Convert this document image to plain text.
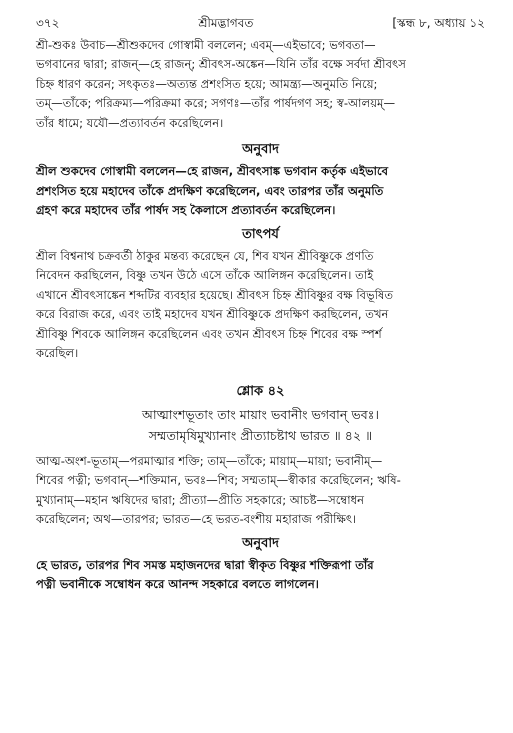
৩৭২	শ্রীমদ্ভাগবত	[স্কন্ধ ৮, অধ্যায় ১২

শ্রী-শুকঃ উবাচ—শ্রীশুকদেব গোস্বামী বললেন; এবম্—এইভাবে; ভগবতা—

ভগবানের দ্বারা; রাজন্—হে রাজন্; শ্রীবৎস-অঙ্কেন—যিনি তাঁর বক্ষে সর্বদা শ্রীবৎস

চিহ্ন ধারণ করেন; সৎকৃতঃ—অত্যন্ত প্রশংসিত হয়ে; আমন্ত্র্য—অনুমতি নিয়ে;

তম্—তাঁকে; পরিক্রম্য—পরিক্রমা করে; সগণঃ—তাঁর পার্ষদগণ সহ; স্ব-আলয়ম্—

তাঁর ধামে; যযৌ—প্রত্যাবর্তন করেছিলেন।

অনুবাদ

শ্রীল শুকদেব গোস্বামী বললেন—হে রাজন, শ্রীবৎসাঙ্ক ভগবান কর্তৃক এইভাবে

প্রশংসিত হয়ে মহাদেব তাঁকে প্রদক্ষিণ করেছিলেন, এবং তারপর তাঁর অনুমতি

গ্রহণ করে মহাদেব তাঁর পার্ষদ সহ কৈলাসে প্রত্যাবর্তন করেছিলেন।

তাৎপর্য

শ্রীল বিশ্বনাথ চক্রবর্তী ঠাকুর মন্তব্য করেছেন যে, শিব যখন শ্রীবিষ্ণুকে প্রণতি

নিবেদন করছিলেন, বিষ্ণু তখন উঠে এসে তাঁকে আলিঙ্গন করেছিলেন। তাই

এখানে শ্রীবৎসাঙ্কেন শব্দটির ব্যবহার হয়েছে। শ্রীবৎস চিহ্ন শ্রীবিষ্ণুর বক্ষ বিভূষিত

করে বিরাজ করে, এবং তাই মহাদেব যখন শ্রীবিষ্ণুকে প্রদক্ষিণ করছিলেন, তখন

শ্রীবিষ্ণু শিবকে আলিঙ্গন করেছিলেন এবং তখন শ্রীবৎস চিহ্ন শিবের বক্ষ স্পর্শ

করেছিল।

শ্লোক ৪২

আত্মাংশভূতাং তাং মায়াং ভবানীং ভগবান্ ভবঃ।

সম্মতামৃষিমুখ্যানাং প্রীত্যাচষ্টাথ ভারত ॥ ৪২ ॥

আত্ম-অংশ-ভূতাম্—পরমাত্মার শক্তি; তাম্—তাঁকে; মায়াম্—মায়া; ভবানীম্—

শিবের পত্নী; ভগবান্—শক্তিমান, ভবঃ—শিব; সম্মতাম্—স্বীকার করেছিলেন; ঋষি-

মুখ্যানাম্—মহান ঋষিদের দ্বারা; প্রীত্যা—প্রীতি সহকারে; আচষ্ট—সম্বোধন

করেছিলেন; অথ—তারপর; ভারত—হে ভরত-বংশীয় মহারাজ পরীক্ষিৎ।

অনুবাদ

হে ভারত, তারপর শিব সমস্ত মহাজনদের দ্বারা স্বীকৃত বিষ্ণুর শক্তিরূপা তাঁর

পত্নী ভবানীকে সম্বোধন করে আনন্দ সহকারে বলতে লাগলেন।
